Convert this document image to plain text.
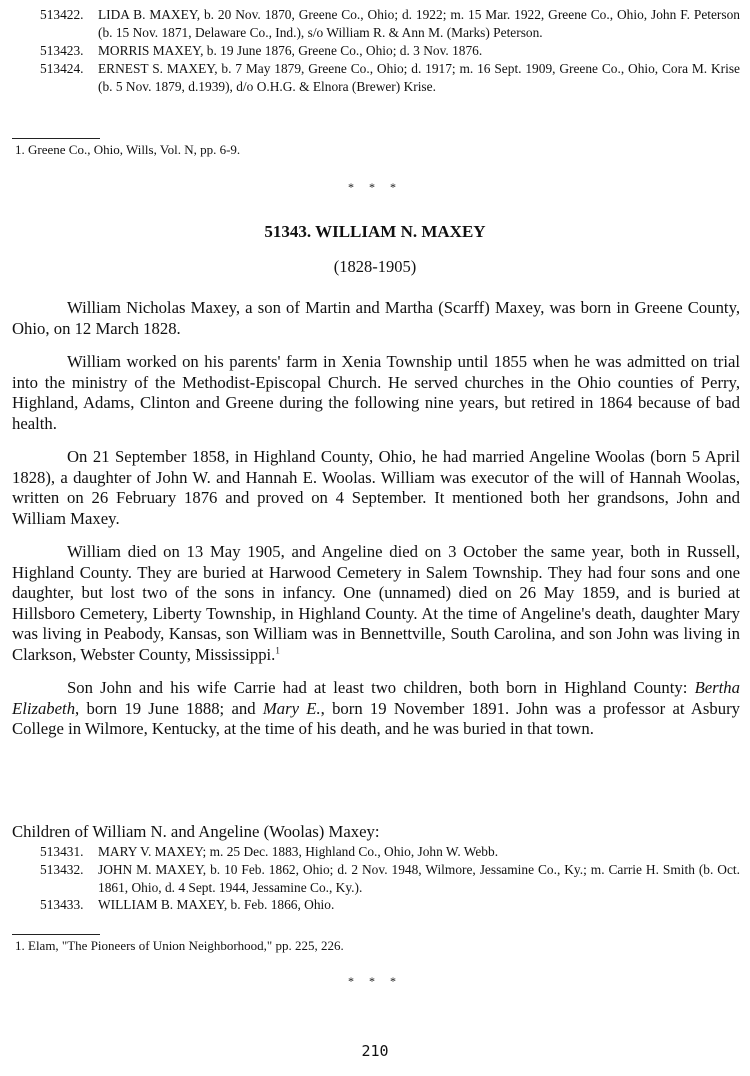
513422.	LIDA B. MAXEY, b. 20 Nov. 1870, Greene Co., Ohio; d. 1922; m. 15 Mar. 1922, Greene Co., Ohio, John F. Peterson (b. 15 Nov. 1871, Delaware Co., Ind.), s/o William R. & Ann M. (Marks) Peterson.
513423.	MORRIS MAXEY, b. 19 June 1876, Greene Co., Ohio; d. 3 Nov. 1876.
513424.	ERNEST S. MAXEY, b. 7 May 1879, Greene Co., Ohio; d. 1917; m. 16 Sept. 1909, Greene Co., Ohio, Cora M. Krise (b. 5 Nov. 1879, d.1939), d/o O.H.G. & Elnora (Brewer) Krise.
1. Greene Co., Ohio, Wills, Vol. N, pp. 6-9.
* * *
51343. WILLIAM N. MAXEY
(1828-1905)

William Nicholas Maxey, a son of Martin and Martha (Scarff) Maxey, was born in Greene County, Ohio, on 12 March 1828.

William worked on his parents' farm in Xenia Township until 1855 when he was admitted on trial into the ministry of the Methodist-Episcopal Church. He served churches in the Ohio counties of Perry, Highland, Adams, Clinton and Greene during the following nine years, but retired in 1864 because of bad health.

On 21 September 1858, in Highland County, Ohio, he had married Angeline Woolas (born 5 April 1828), a daughter of John W. and Hannah E. Woolas. William was executor of the will of Hannah Woolas, written on 26 February 1876 and proved on 4 September. It mentioned both her grandsons, John and William Maxey.

William died on 13 May 1905, and Angeline died on 3 October the same year, both in Russell, Highland County. They are buried at Harwood Cemetery in Salem Township. They had four sons and one daughter, but lost two of the sons in infancy. One (unnamed) died on 26 May 1859, and is buried at Hillsboro Cemetery, Liberty Township, in Highland County. At the time of Angeline's death, daughter Mary was living in Peabody, Kansas, son William was in Bennettville, South Carolina, and son John was living in Clarkson, Webster County, Mississippi.$^1$

Son John and his wife Carrie had at least two children, both born in Highland County: Bertha Elizabeth, born 19 June 1888; and Mary E., born 19 November 1891. John was a professor at Asbury College in Wilmore, Kentucky, at the time of his death, and he was buried in that town.

Children of William N. and Angeline (Woolas) Maxey:
513431.	MARY V. MAXEY; m. 25 Dec. 1883, Highland Co., Ohio, John W. Webb.
513432.	JOHN M. MAXEY, b. 10 Feb. 1862, Ohio; d. 2 Nov. 1948, Wilmore, Jessamine Co., Ky.; m. Carrie H. Smith (b. Oct. 1861, Ohio, d. 4 Sept. 1944, Jessamine Co., Ky.).
513433.	WILLIAM B. MAXEY, b. Feb. 1866, Ohio.
1. Elam, "The Pioneers of Union Neighborhood," pp. 225, 226.
* * *
210
